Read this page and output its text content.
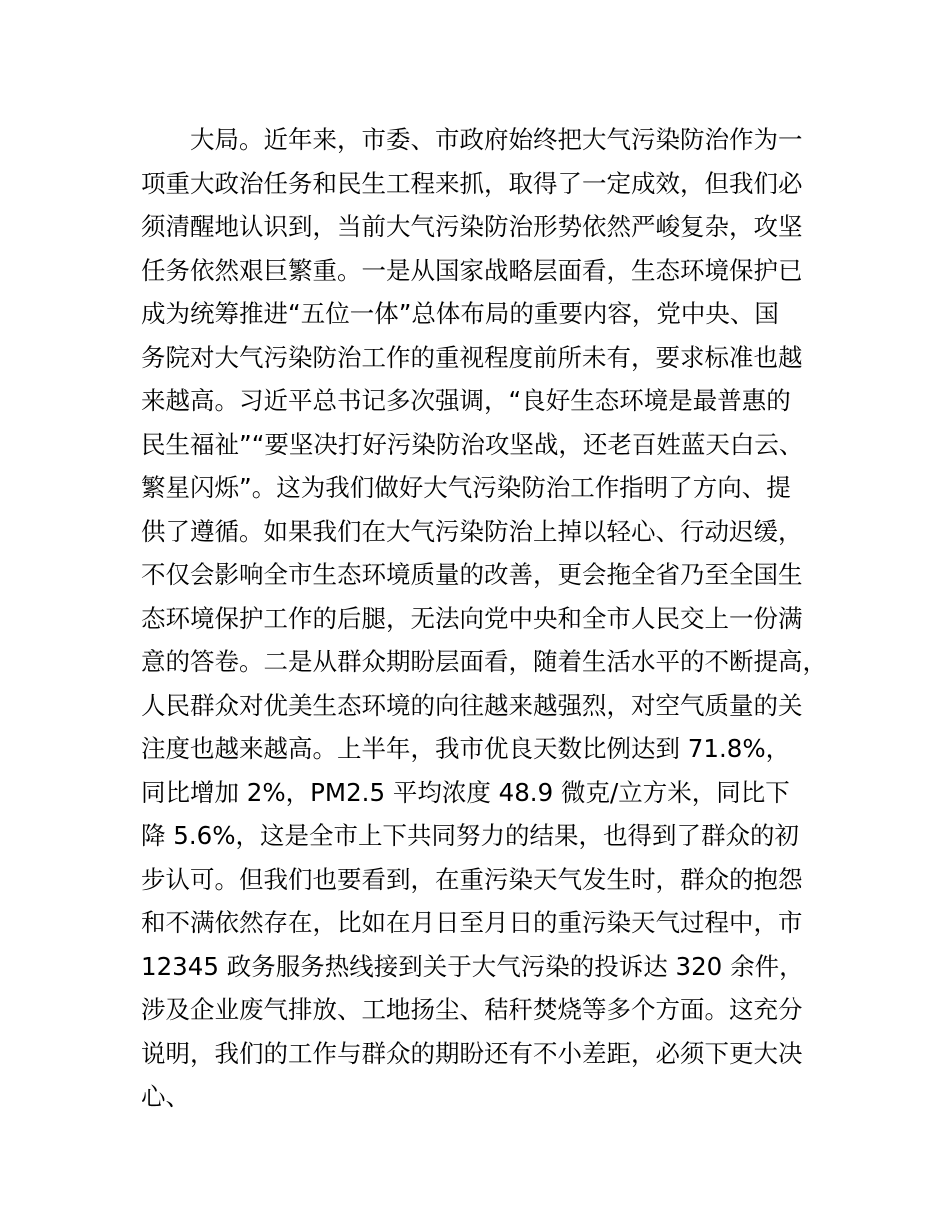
大局。近年来，市委、市政府始终把大气污染防治作为一
项重大政治任务和民生工程来抓，取得了一定成效，但我们必
须清醒地认识到，当前大气污染防治形势依然严峻复杂，攻坚
任务依然艰巨繁重。一是从国家战略层面看，生态环境保护已
成为统筹推进“五位一体”总体布局的重要内容，党中央、国
务院对大气污染防治工作的重视程度前所未有，要求标准也越
来越高。习近平总书记多次强调，“良好生态环境是最普惠的
民生福祉”“要坚决打好污染防治攻坚战，还老百姓蓝天白云、
繁星闪烁”。这为我们做好大气污染防治工作指明了方向、提
供了遵循。如果我们在大气污染防治上掉以轻心、行动迟缓，
不仅会影响全市生态环境质量的改善，更会拖全省乃至全国生
态环境保护工作的后腿，无法向党中央和全市人民交上一份满
意的答卷。二是从群众期盼层面看，随着生活水平的不断提高，
人民群众对优美生态环境的向往越来越强烈，对空气质量的关
注度也越来越高。上半年，我市优良天数比例达到 71.8%，
同比增加 2%，PM2.5 平均浓度 48.9 微克/立方米，同比下
降 5.6%，这是全市上下共同努力的结果，也得到了群众的初
步认可。但我们也要看到，在重污染天气发生时，群众的抱怨
和不满依然存在，比如在月日至月日的重污染天气过程中，市
12345 政务服务热线接到关于大气污染的投诉达 320 余件，
涉及企业废气排放、工地扬尘、秸秆焚烧等多个方面。这充分
说明，我们的工作与群众的期盼还有不小差距，必须下更大决
心、
